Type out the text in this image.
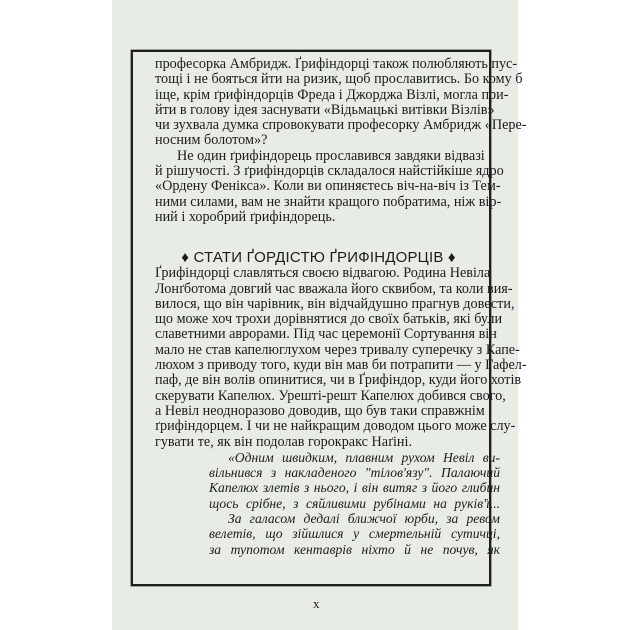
професорка Амбридж. Ґрифіндорці також полюбляють пус-
тощі і не бояться йти на ризик, щоб прославитись. Бо кому б
іще, крім ґрифіндорців Фреда і Джорджа Візлі, могла при-
йти в голову ідея заснувати «Відьмацькі витівки Візлів»
чи зухвала думка спровокувати професорку Амбридж «Пере-
носним болотом»?
Не один ґрифіндорець прославився завдяки відвазі
й рішучості. З ґрифіндорців складалося найстійкіше ядро
«Ордену Фенікса». Коли ви опиняєтесь віч-на-віч із Тем-
ними силами, вам не знайти кращого побратима, ніж вір-
ний і хоробрий ґрифіндорець.
♦ СТАТИ ҐОРДІСТЮ ҐРИФІНДОРЦІВ ♦
Ґрифіндорці славляться своєю відвагою. Родина Невіла
Лонґботома довгий час вважала його сквибом, та коли вия-
вилося, що він чарівник, він відчайдушно прагнув довести,
що може хоч трохи дорівнятися до своїх батьків, які були
славетними аврорами. Під час церемонії Сортування він
мало не став капелюглухом через тривалу суперечку з Капе-
люхом з приводу того, куди він мав би потрапити — у Гафел-
паф, де він волів опинитися, чи в Ґрифіндор, куди його хотів
скерувати Капелюх. Урешті-решт Капелюх добився свого,
а Невіл неодноразово доводив, що був таки справжнім
ґрифіндорцем. І чи не найкращим доводом цього може слу-
гувати те, як він подолав горокракс Наґіні.
«Одним швидким, плавним рухом Невіл ви-
вільнився з накладеного "тілов'язу". Палаючий
Капелюх злетів з нього, і він витяг з його глибин
щось срібне, з сяйливими рубінами на руків'ї...
За галасом дедалі ближчої юрби, за ревом
велетів, що зійшлися у смертельній сутичці,
за тупотом кентаврів ніхто й не почув, як
x
